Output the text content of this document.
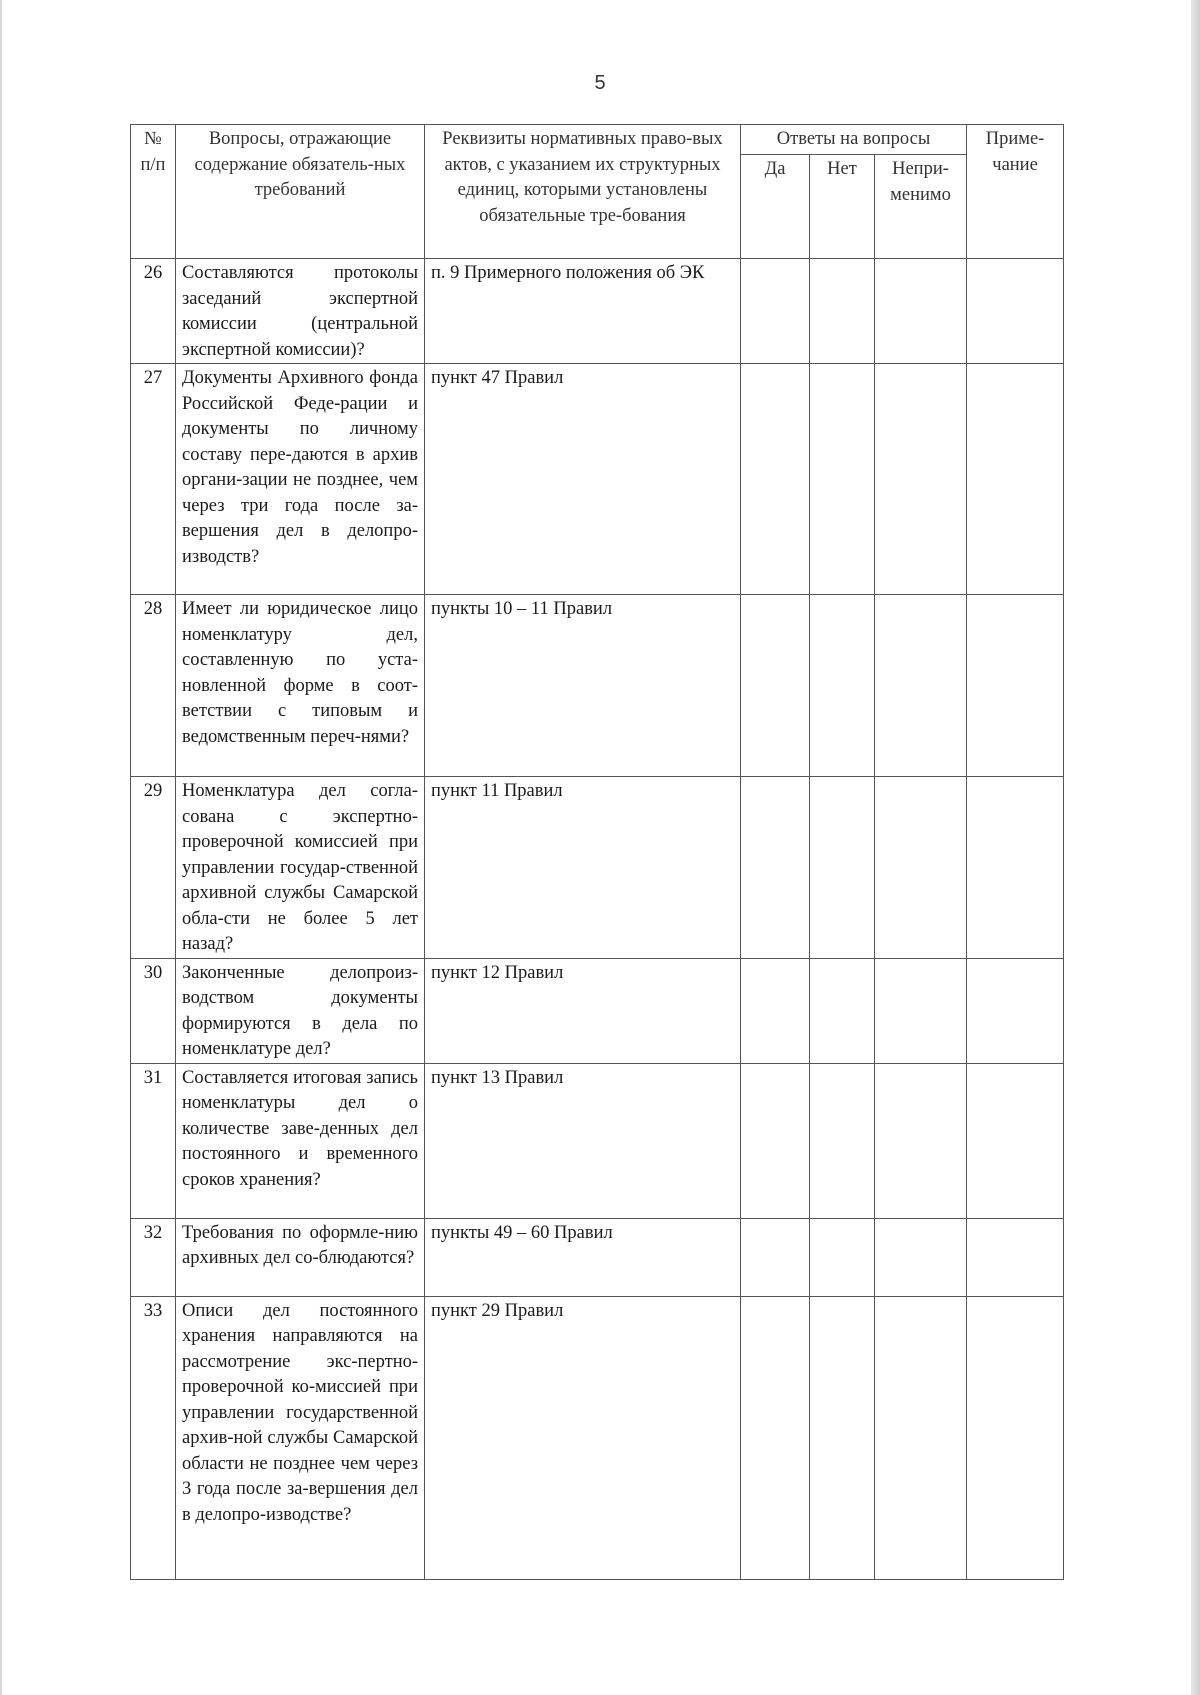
5
№ п/п	Вопросы, отражающие содержание обязатель-ных требований	Реквизиты нормативных право-вых актов, с указанием их структурных единиц, которыми установлены обязательные тре-бования	Ответы на вопросы			Приме-чание
			Да	Нет	Непри-менимо	
26	Составляются протоколы заседаний экспертной комиссии (центральной экспертной комиссии)?	п. 9 Примерного положения об ЭК				
27	Документы Архивного фонда Российской Феде-рации и документы по личному составу пере-даются в архив органи-зации не позднее, чем через три года после за-вершения дел в делопро-изводств?	пункт 47 Правил				
28	Имеет ли юридическое лицо номенклатуру дел, составленную по уста-новленной форме в соот-ветствии с типовым и ведомственным переч-нями?	пункты 10 – 11 Правил				
29	Номенклатура дел согла-сована с экспертно-проверочной комиссией при управлении государ-ственной архивной службы Самарской обла-сти не более 5 лет назад?	пункт 11 Правил				
30	Законченные делопроиз-водством документы формируются в дела по номенклатуре дел?	пункт 12 Правил				
31	Составляется итоговая запись номенклатуры дел о количестве заве-денных дел постоянного и временного сроков хранения?	пункт 13 Правил				
32	Требования по оформле-нию архивных дел со-блюдаются?	пункты 49 – 60 Правил				
33	Описи дел постоянного хранения направляются на рассмотрение экс-пертно-проверочной ко-миссией при управлении государственной архив-ной службы Самарской области не позднее чем через 3 года после за-вершения дел в делопро-изводстве?	пункт 29 Правил				
